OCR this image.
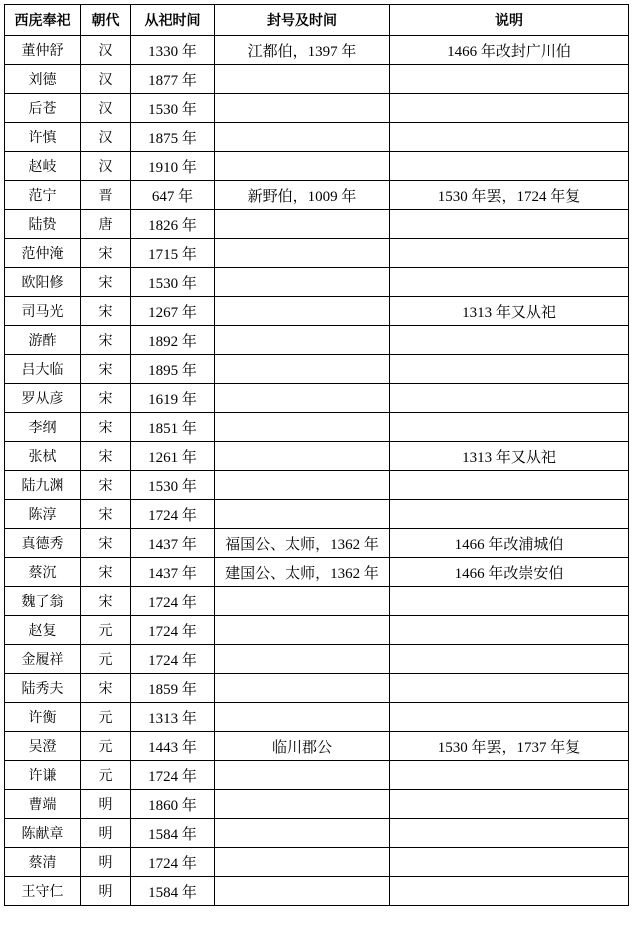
西庑奉祀	朝代	从祀时间	封号及时间	说明
董仲舒	汉	1330 年	江都伯，1397 年	1466 年改封广川伯
刘德	汉	1877 年		
后苍	汉	1530 年		
许慎	汉	1875 年		
赵岐	汉	1910 年		
范宁	晋	647 年	新野伯，1009 年	1530 年罢，1724 年复
陆贽	唐	1826 年		
范仲淹	宋	1715 年		
欧阳修	宋	1530 年		
司马光	宋	1267 年		1313 年又从祀
游酢	宋	1892 年		
吕大临	宋	1895 年		
罗从彦	宋	1619 年		
李纲	宋	1851 年		
张栻	宋	1261 年		1313 年又从祀
陆九渊	宋	1530 年		
陈淳	宋	1724 年		
真德秀	宋	1437 年	福国公、太师，1362 年	1466 年改浦城伯
蔡沉	宋	1437 年	建国公、太师，1362 年	1466 年改崇安伯
魏了翁	宋	1724 年		
赵复	元	1724 年		
金履祥	元	1724 年		
陆秀夫	宋	1859 年		
许衡	元	1313 年		
吴澄	元	1443 年	临川郡公	1530 年罢，1737 年复
许谦	元	1724 年		
曹端	明	1860 年		
陈献章	明	1584 年		
蔡清	明	1724 年		
王守仁	明	1584 年		
